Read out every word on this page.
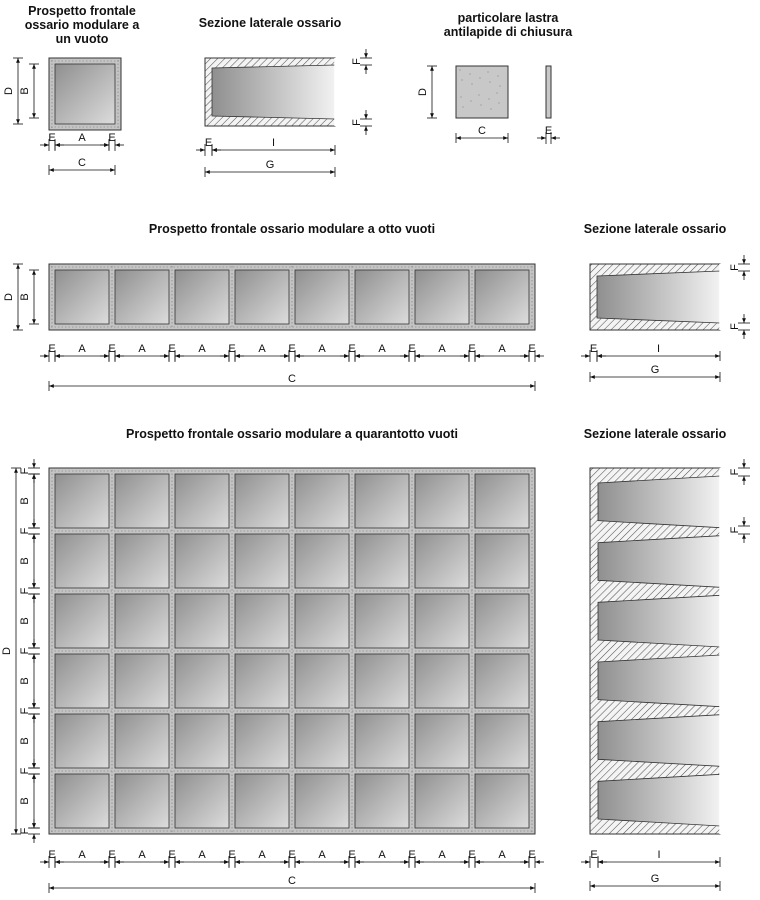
Prospetto frontale
ossario modulare a
un vuoto
Sezione laterale ossario	particolare lastra
antilapide di chiusura
Prospetto frontale ossario modulare a otto vuoti	Sezione laterale ossario
Prospetto frontale ossario modulare a quarantotto vuoti	Sezione laterale ossario
B
D
E A E
C
F
F
E	I
G
D
C	E
B
D
E A E A E A E A E A E A E A E A E
C
F
F
E	I
G
F
B
F
B
F
B
F
B
F
B
F
B
F
D
E A E A E A E A E A E A E A E A E
C
F
F
E	I
G
